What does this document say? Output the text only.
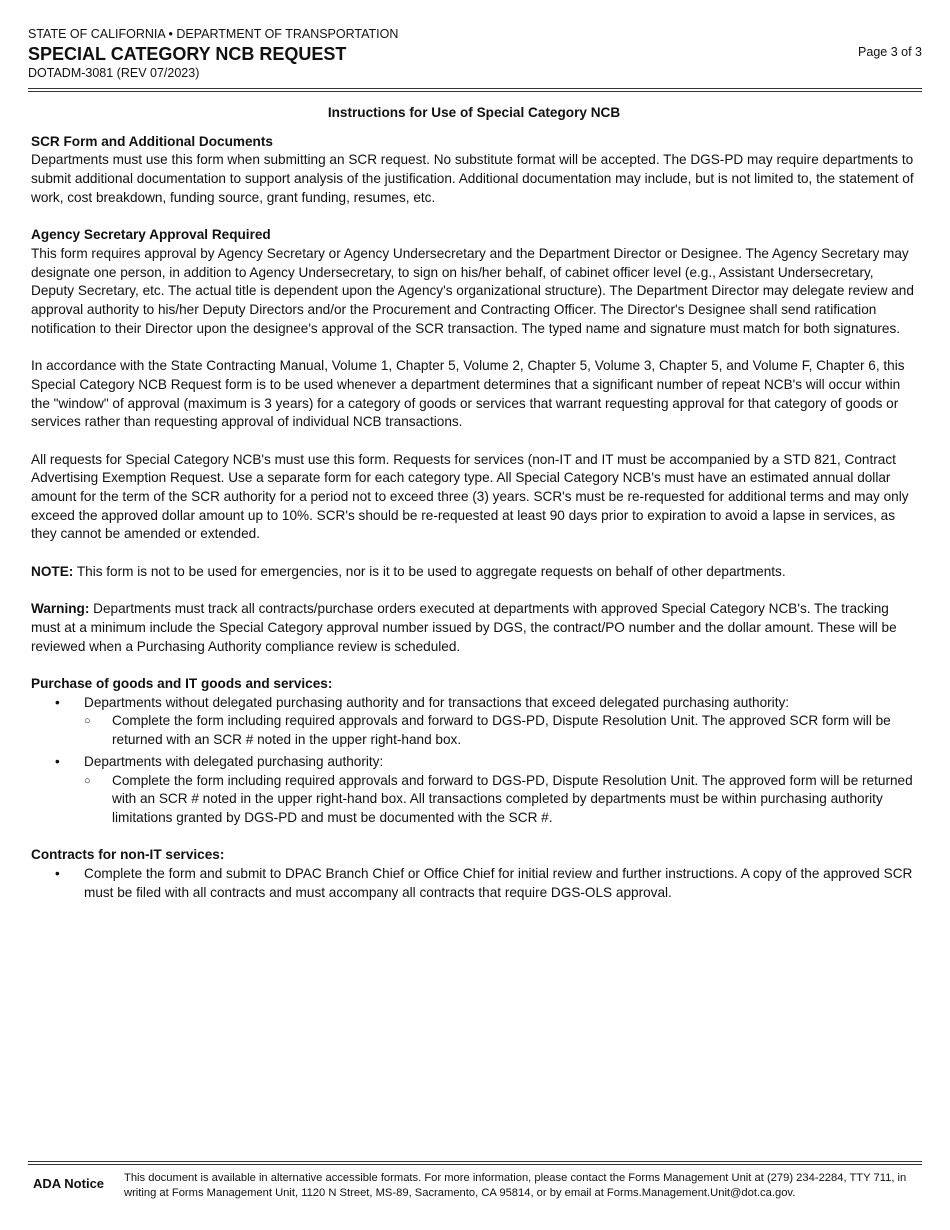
STATE OF CALIFORNIA • DEPARTMENT OF TRANSPORTATION
SPECIAL CATEGORY NCB REQUEST
DOTADM-3081 (REV 07/2023)
Page 3 of 3
Instructions for Use of Special Category NCB
SCR Form and Additional Documents

Departments must use this form when submitting an SCR request. No substitute format will be accepted. The DGS-PD may require departments to submit additional documentation to support analysis of the justification. Additional documentation may include, but is not limited to, the statement of work, cost breakdown, funding source, grant funding, resumes, etc.

Agency Secretary Approval Required

This form requires approval by Agency Secretary or Agency Undersecretary and the Department Director or Designee. The Agency Secretary may designate one person, in addition to Agency Undersecretary, to sign on his/her behalf, of cabinet officer level (e.g., Assistant Undersecretary, Deputy Secretary, etc. The actual title is dependent upon the Agency's organizational structure). The Department Director may delegate review and approval authority to his/her Deputy Directors and/or the Procurement and Contracting Officer. The Director's Designee shall send ratification notification to their Director upon the designee's approval of the SCR transaction. The typed name and signature must match for both signatures.

In accordance with the State Contracting Manual, Volume 1, Chapter 5, Volume 2, Chapter 5, Volume 3, Chapter 5, and Volume F, Chapter 6, this Special Category NCB Request form is to be used whenever a department determines that a significant number of repeat NCB's will occur within the "window" of approval (maximum is 3 years) for a category of goods or services that warrant requesting approval for that category of goods or services rather than requesting approval of individual NCB transactions.

All requests for Special Category NCB's must use this form. Requests for services (non-IT and IT must be accompanied by a STD 821, Contract Advertising Exemption Request. Use a separate form for each category type. All Special Category NCB's must have an estimated annual dollar amount for the term of the SCR authority for a period not to exceed three (3) years. SCR's must be re-requested for additional terms and may only exceed the approved dollar amount up to 10%. SCR's should be re-requested at least 90 days prior to expiration to avoid a lapse in services, as they cannot be amended or extended.

NOTE: This form is not to be used for emergencies, nor is it to be used to aggregate requests on behalf of other departments.

Warning: Departments must track all contracts/purchase orders executed at departments with approved Special Category NCB's. The tracking must at a minimum include the Special Category approval number issued by DGS, the contract/PO number and the dollar amount. These will be reviewed when a Purchasing Authority compliance review is scheduled.

Purchase of goods and IT goods and services:
• Departments without delegated purchasing authority and for transactions that exceed delegated purchasing authority:
○ Complete the form including required approvals and forward to DGS-PD, Dispute Resolution Unit. The approved SCR form will be returned with an SCR # noted in the upper right-hand box.
• Departments with delegated purchasing authority:
○ Complete the form including required approvals and forward to DGS-PD, Dispute Resolution Unit. The approved form will be returned with an SCR # noted in the upper right-hand box. All transactions completed by departments must be within purchasing authority limitations granted by DGS-PD and must be documented with the SCR #.
Contracts for non-IT services:
• Complete the form and submit to DPAC Branch Chief or Office Chief for initial review and further instructions. A copy of the approved SCR must be filed with all contracts and must accompany all contracts that require DGS-OLS approval.
ADA Notice	This document is available in alternative accessible formats. For more information, please contact the Forms Management Unit at (279) 234-2284, TTY 711, in writing at Forms Management Unit, 1120 N Street, MS-89, Sacramento, CA 95814, or by email at Forms.Management.Unit@dot.ca.gov.
